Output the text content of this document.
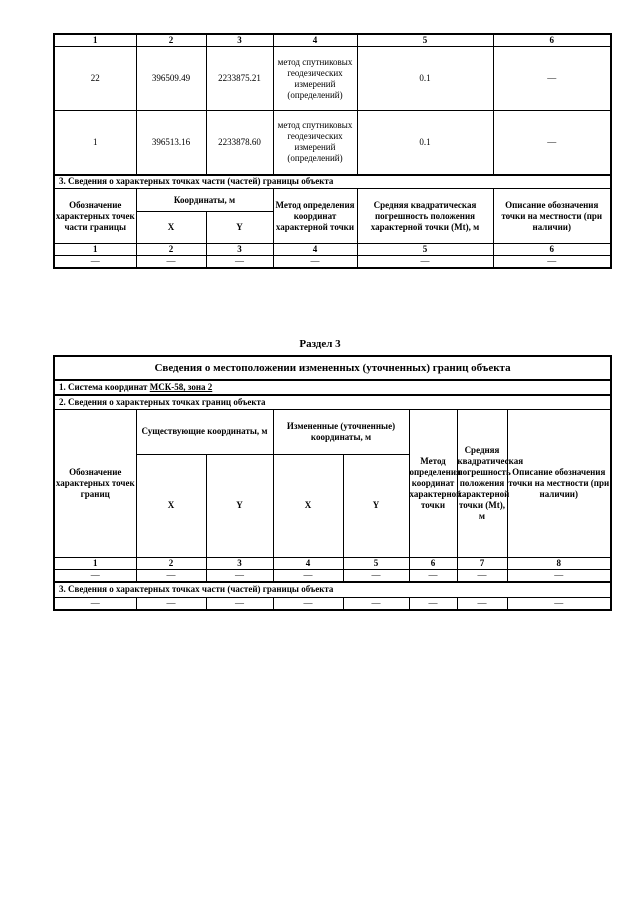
1	2	3	4	5	6
22	396509.49	2233875.21	метод спутниковых геодезических измерений (определений)	0.1	—
1	396513.16	2233878.60	метод спутниковых геодезических измерений (определений)	0.1	—
3. Сведения о характерных точках части (частей) границы объекта					
Обозначение характерных точек части границы	Координаты, м		Метод определения координат характерной точки	Средняя квадратическая погрешность положения характерной точки (Mt), м	Описание обозначения точки на местности (при наличии)
	X	Y			
1	2	3	4	5	6
—	—	—	—	—	—
Раздел 3
Сведения о местоположении измененных (уточненных) границ объекта							
1. Система координат МСК-58, зона 2							
2. Сведения о характерных точках границ объекта							
Обозначение характерных точек границ	Существующие координаты, м		Измененные (уточненные) координаты, м		Метод определения координат характерной точки	Средняя квадратическая погрешность положения характерной точки (Mt), м	Описание обозначения точки на местности (при наличии)
	X	Y	X	Y			
1	2	3	4	5	6	7	8
—	—	—	—	—	—	—	—
3. Сведения о характерных точках части (частей) границы объекта							
—	—	—	—	—	—	—	—
